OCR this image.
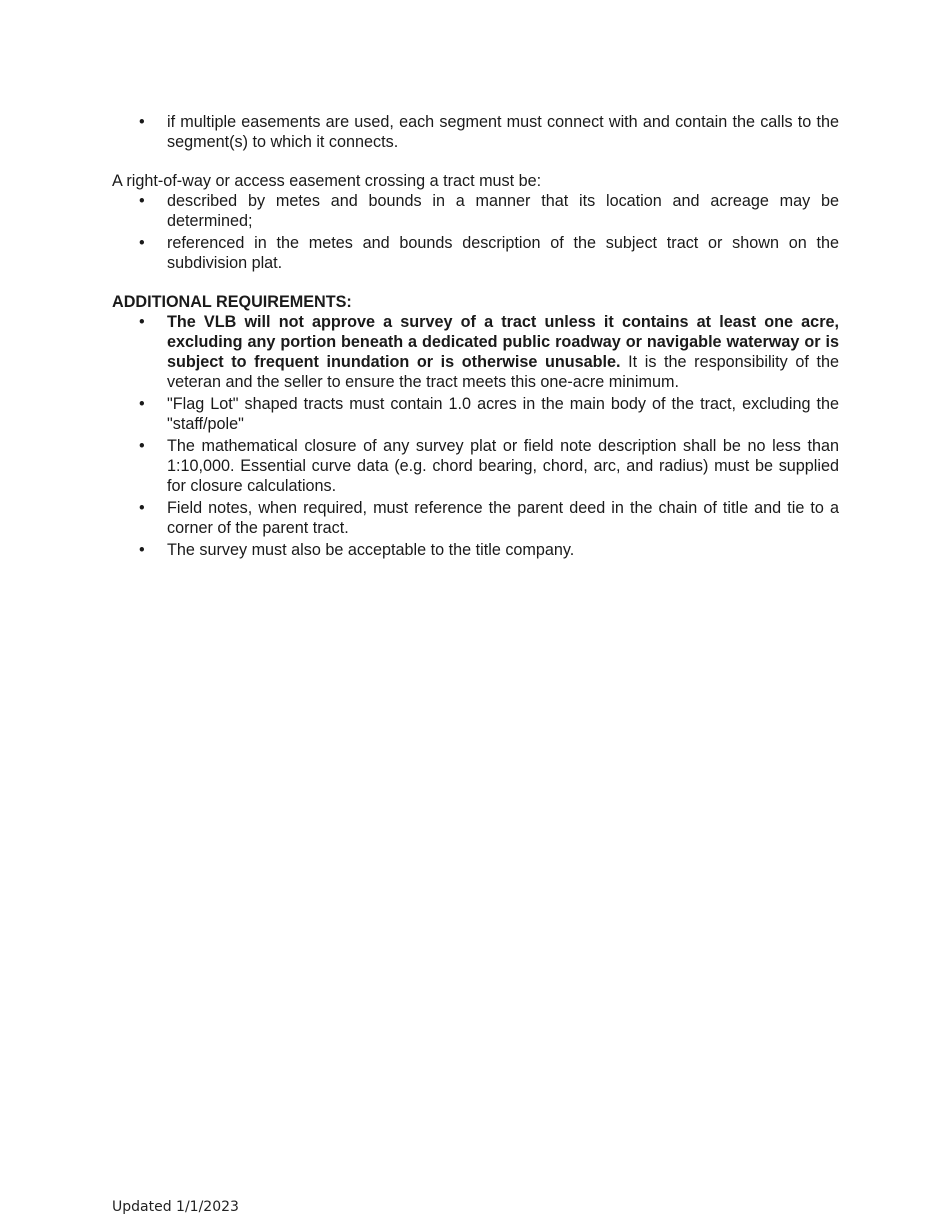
• if multiple easements are used, each segment must connect with and contain the calls to the segment(s) to which it connects.

A right-of-way or access easement crossing a tract must be:

• described by metes and bounds in a manner that its location and acreage may be determined;
• referenced in the metes and bounds description of the subject tract or shown on the subdivision plat.

ADDITIONAL REQUIREMENTS:

• The VLB will not approve a survey of a tract unless it contains at least one acre, excluding any portion beneath a dedicated public roadway or navigable waterway or is subject to frequent inundation or is otherwise unusable. It is the responsibility of the veteran and the seller to ensure the tract meets this one-acre minimum.
• "Flag Lot" shaped tracts must contain 1.0 acres in the main body of the tract, excluding the "staff/pole"
• The mathematical closure of any survey plat or field note description shall be no less than 1:10,000. Essential curve data (e.g. chord bearing, chord, arc, and radius) must be supplied for closure calculations.
• Field notes, when required, must reference the parent deed in the chain of title and tie to a corner of the parent tract.
• The survey must also be acceptable to the title company.
Updated 1/1/2023
